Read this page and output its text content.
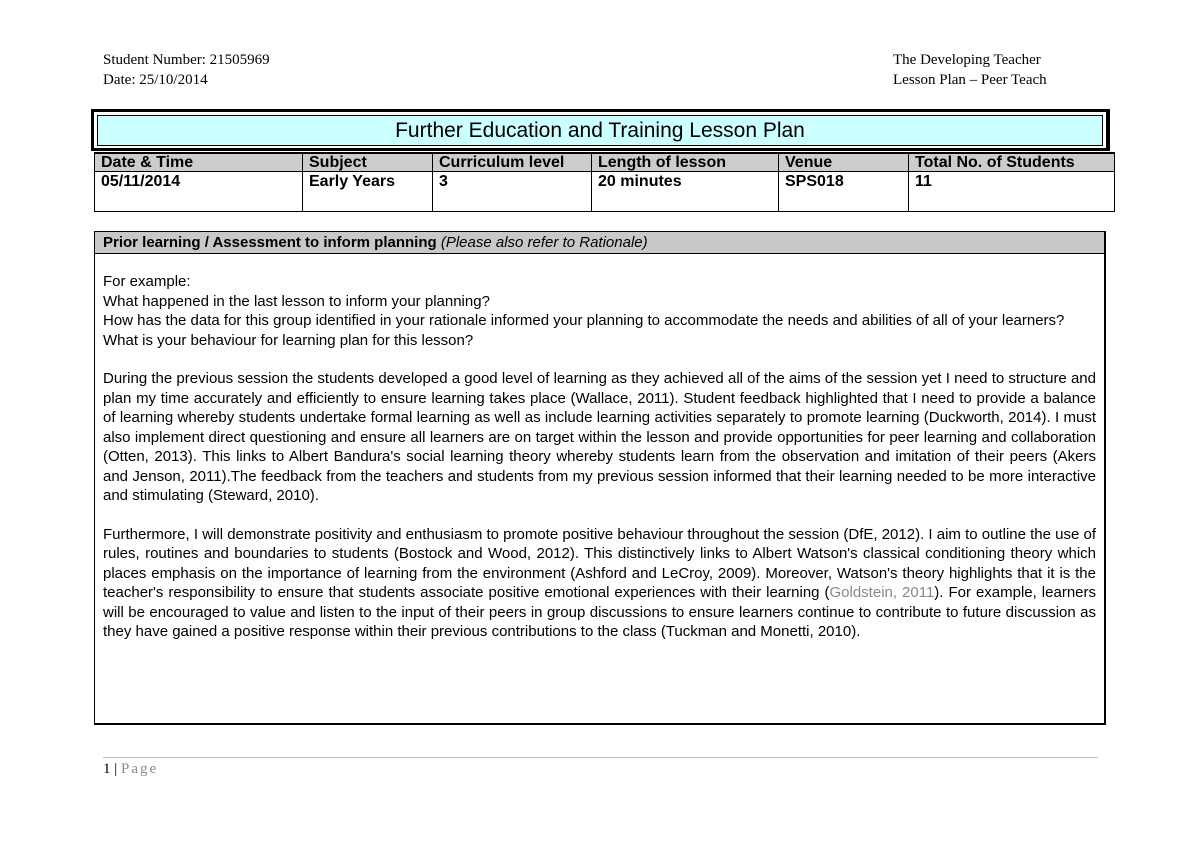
Student Number: 21505969
Date: 25/10/2014
The Developing Teacher
Lesson Plan – Peer Teach
Further Education and Training Lesson Plan
Date & Time	Subject	Curriculum level	Length of lesson	Venue	Total No. of Students
05/11/2014	Early Years	3	20 minutes	SPS018	11
Prior learning / Assessment to inform planning (Please also refer to Rationale)

For example:

What happened in the last lesson to inform your planning?

How has the data for this group identified in your rationale informed your planning to accommodate the needs and abilities of all of your learners?

What is your behaviour for learning plan for this lesson?

During the previous session the students developed a good level of learning as they achieved all of the aims of the session yet I need to structure and plan my time accurately and efficiently to ensure learning takes place (Wallace, 2011). Student feedback highlighted that I need to provide a balance of learning whereby students undertake formal learning as well as include learning activities separately to promote learning (Duckworth, 2014). I must also implement direct questioning and ensure all learners are on target within the lesson and provide opportunities for peer learning and collaboration (Otten, 2013). This links to Albert Bandura's social learning theory whereby students learn from the observation and imitation of their peers (Akers and Jenson, 2011).The feedback from the teachers and students from my previous session informed that their learning needed to be more interactive and stimulating (Steward, 2010).

Furthermore, I will demonstrate positivity and enthusiasm to promote positive behaviour throughout the session (DfE, 2012). I aim to outline the use of rules, routines and boundaries to students (Bostock and Wood, 2012). This distinctively links to Albert Watson's classical conditioning theory which places emphasis on the importance of learning from the environment (Ashford and LeCroy, 2009). Moreover, Watson's theory highlights that it is the teacher's responsibility to ensure that students associate positive emotional experiences with their learning (Goldstein, 2011). For example, learners will be encouraged to value and listen to the input of their peers in group discussions to ensure learners continue to contribute to future discussion as they have gained a positive response within their previous contributions to the class (Tuckman and Monetti, 2010).

1 | Page
